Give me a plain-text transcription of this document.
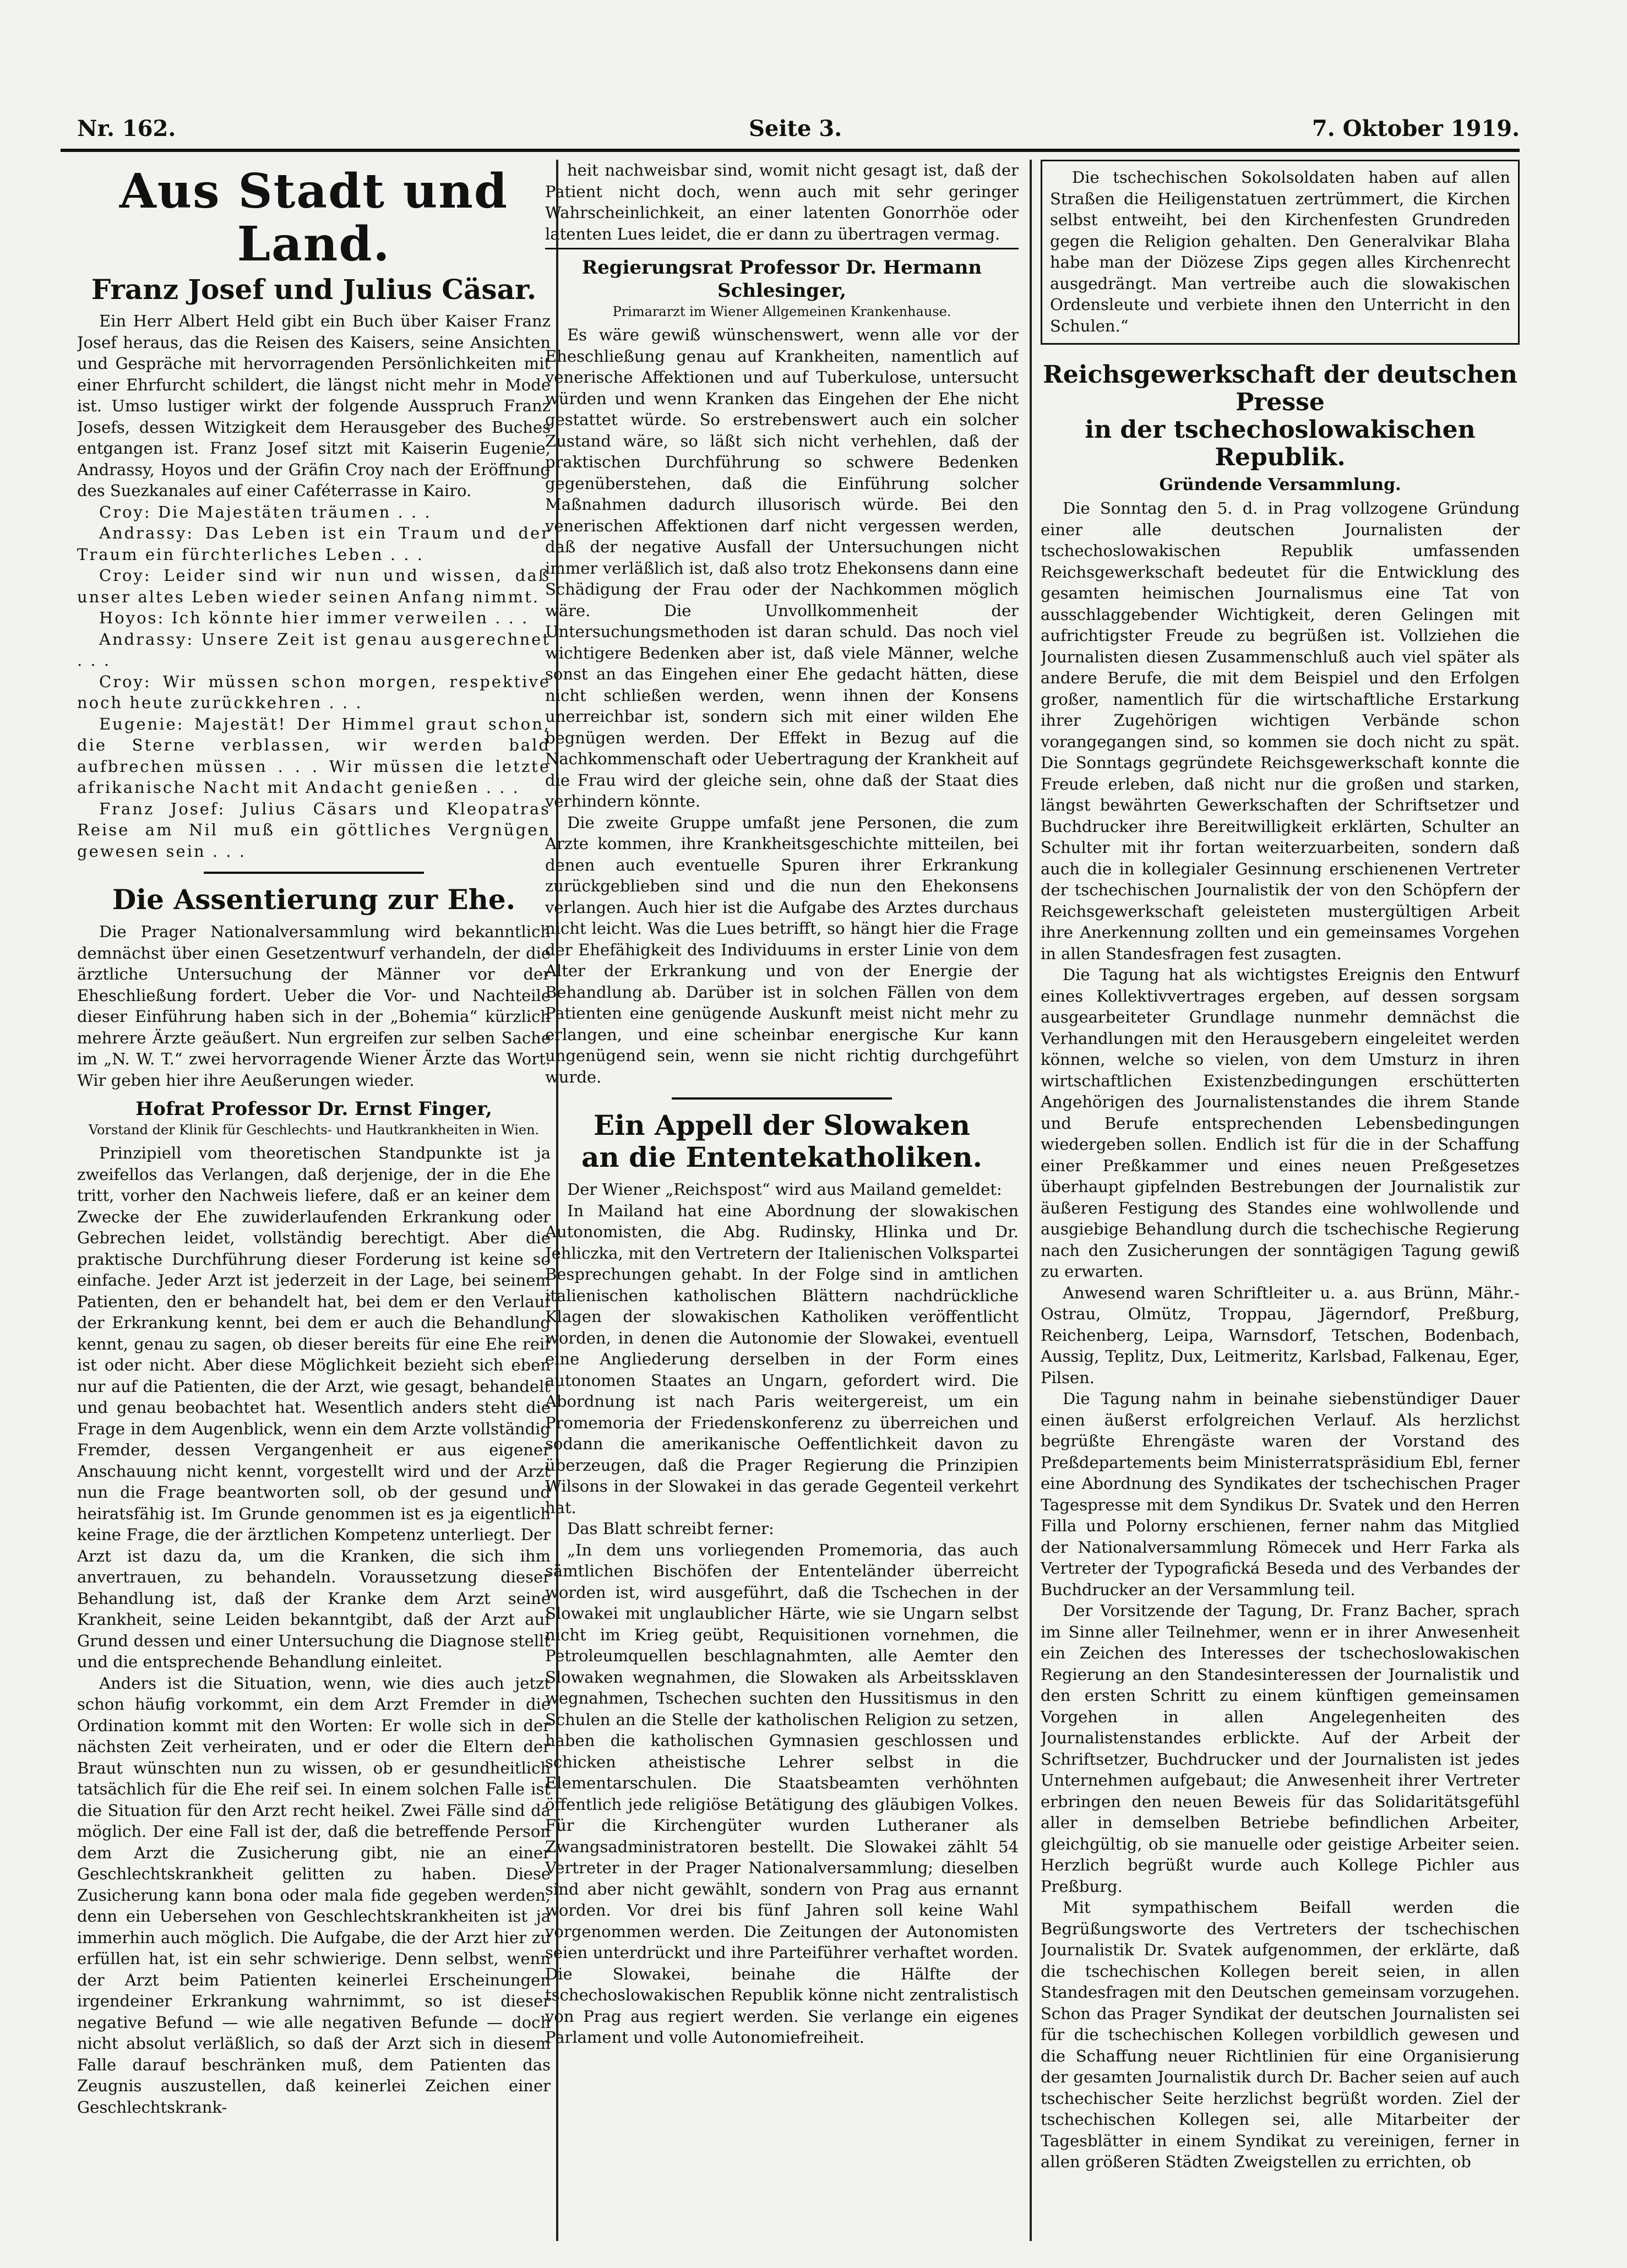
Nr. 162.	Seite 3.	7. Oktober 1919.
Aus Stadt und Land.
Franz Josef und Julius Cäsar.

Ein Herr Albert Held gibt ein Buch über Kaiser Franz Josef heraus, das die Reisen des Kaisers, seine Ansichten und Gespräche mit hervorragenden Persönlichkeiten mit einer Ehrfurcht schildert, die längst nicht mehr in Mode ist. Umso lustiger wirkt der folgende Ausspruch Franz Josefs, dessen Witzigkeit dem Herausgeber des Buches entgangen ist. Franz Josef sitzt mit Kaiserin Eugenie, Andrassy, Hoyos und der Gräfin Croy nach der Eröffnung des Suezkanales auf einer Caféterrasse in Kairo.

Croy: Die Majestäten träumen . . .

Andrassy: Das Leben ist ein Traum und der Traum ein fürchterliches Leben . . .

Croy: Leider sind wir nun und wissen, daß unser altes Leben wieder seinen Anfang nimmt.

Hoyos: Ich könnte hier immer verweilen . . .

Andrassy: Unsere Zeit ist genau ausgerechnet . . .

Croy: Wir müssen schon morgen, respektive noch heute zurückkehren . . .

Eugenie: Majestät! Der Himmel graut schon, die Sterne verblassen, wir werden bald aufbrechen müssen . . . Wir müssen die letzte afrikanische Nacht mit Andacht genießen . . .

Franz Josef: Julius Cäsars und Kleopatras Reise am Nil muß ein göttliches Vergnügen gewesen sein . . .

Die Assentierung zur Ehe.

Die Prager Nationalversammlung wird bekanntlich demnächst über einen Gesetzentwurf verhandeln, der die ärztliche Untersuchung der Männer vor der Eheschließung fordert. Ueber die Vor- und Nachteile dieser Einführung haben sich in der „Bohemia“ kürzlich mehrere Ärzte geäußert. Nun ergreifen zur selben Sache im „N. W. T.“ zwei hervorragende Wiener Ärzte das Wort. Wir geben hier ihre Aeußerungen wieder.

Hofrat Professor Dr. Ernst Finger,
Vorstand der Klinik für Geschlechts- und Hautkrankheiten in Wien.

Prinzipiell vom theoretischen Standpunkte ist ja zweifellos das Verlangen, daß derjenige, der in die Ehe tritt, vorher den Nachweis liefere, daß er an keiner dem Zwecke der Ehe zuwiderlaufenden Erkrankung oder Gebrechen leidet, vollständig berechtigt. Aber die praktische Durchführung dieser Forderung ist keine so einfache. Jeder Arzt ist jederzeit in der Lage, bei seinem Patienten, den er behandelt hat, bei dem er den Verlauf der Erkrankung kennt, bei dem er auch die Behandlung kennt, genau zu sagen, ob dieser bereits für eine Ehe reif ist oder nicht. Aber diese Möglichkeit bezieht sich eben nur auf die Patienten, die der Arzt, wie gesagt, behandelt und genau beobachtet hat. Wesentlich anders steht die Frage in dem Augenblick, wenn ein dem Arzte vollständig Fremder, dessen Vergangenheit er aus eigener Anschauung nicht kennt, vorgestellt wird und der Arzt nun die Frage beantworten soll, ob der gesund und heiratsfähig ist. Im Grunde genommen ist es ja eigentlich keine Frage, die der ärztlichen Kompetenz unterliegt. Der Arzt ist dazu da, um die Kranken, die sich ihm anvertrauen, zu behandeln. Voraussetzung dieser Behandlung ist, daß der Kranke dem Arzt seine Krankheit, seine Leiden bekanntgibt, daß der Arzt auf Grund dessen und einer Untersuchung die Diagnose stellt und die entsprechende Behandlung einleitet.

Anders ist die Situation, wenn, wie dies auch jetzt schon häufig vorkommt, ein dem Arzt Fremder in die Ordination kommt mit den Worten: Er wolle sich in der nächsten Zeit verheiraten, und er oder die Eltern der Braut wünschten nun zu wissen, ob er gesundheitlich tatsächlich für die Ehe reif sei. In einem solchen Falle ist die Situation für den Arzt recht heikel. Zwei Fälle sind da möglich. Der eine Fall ist der, daß die betreffende Person dem Arzt die Zusicherung gibt, nie an einer Geschlechtskrankheit gelitten zu haben. Diese Zusicherung kann bona oder mala fide gegeben werden, denn ein Uebersehen von Geschlechtskrankheiten ist ja immerhin auch möglich. Die Aufgabe, die der Arzt hier zu erfüllen hat, ist ein sehr schwierige. Denn selbst, wenn der Arzt beim Patienten keinerlei Erscheinungen irgendeiner Erkrankung wahrnimmt, so ist dieser negative Befund — wie alle negativen Befunde — doch nicht absolut verläßlich, so daß der Arzt sich in diesem Falle darauf beschränken muß, dem Patienten das Zeugnis auszustellen, daß keinerlei Zeichen einer Geschlechtskrank-

heit nachweisbar sind, womit nicht gesagt ist, daß der Patient nicht doch, wenn auch mit sehr geringer Wahrscheinlichkeit, an einer latenten Gonorrhöe oder latenten Lues leidet, die er dann zu übertragen vermag.

Regierungsrat Professor Dr. Hermann Schlesinger,
Primararzt im Wiener Allgemeinen Krankenhause.

Es wäre gewiß wünschenswert, wenn alle vor der Eheschließung genau auf Krankheiten, namentlich auf venerische Affektionen und auf Tuberkulose, untersucht würden und wenn Kranken das Eingehen der Ehe nicht gestattet würde. So erstrebenswert auch ein solcher Zustand wäre, so läßt sich nicht verhehlen, daß der praktischen Durchführung so schwere Bedenken gegenüberstehen, daß die Einführung solcher Maßnahmen dadurch illusorisch würde. Bei den venerischen Affektionen darf nicht vergessen werden, daß der negative Ausfall der Untersuchungen nicht immer verläßlich ist, daß also trotz Ehekonsens dann eine Schädigung der Frau oder der Nachkommen möglich wäre. Die Unvollkommenheit der Untersuchungsmethoden ist daran schuld. Das noch viel wichtigere Bedenken aber ist, daß viele Männer, welche sonst an das Eingehen einer Ehe gedacht hätten, diese nicht schließen werden, wenn ihnen der Konsens unerreichbar ist, sondern sich mit einer wilden Ehe begnügen werden. Der Effekt in Bezug auf die Nachkommenschaft oder Uebertragung der Krankheit auf die Frau wird der gleiche sein, ohne daß der Staat dies verhindern könnte.

Die zweite Gruppe umfaßt jene Personen, die zum Arzte kommen, ihre Krankheitsgeschichte mitteilen, bei denen auch eventuelle Spuren ihrer Erkrankung zurückgeblieben sind und die nun den Ehekonsens verlangen. Auch hier ist die Aufgabe des Arztes durchaus nicht leicht. Was die Lues betrifft, so hängt hier die Frage der Ehefähigkeit des Individuums in erster Linie von dem Alter der Erkrankung und von der Energie der Behandlung ab. Darüber ist in solchen Fällen von dem Patienten eine genügende Auskunft meist nicht mehr zu erlangen, und eine scheinbar energische Kur kann ungenügend sein, wenn sie nicht richtig durchgeführt wurde.

Ein Appell der Slowaken
an die Ententekatholiken.

Der Wiener „Reichspost“ wird aus Mailand gemeldet:

In Mailand hat eine Abordnung der slowakischen Autonomisten, die Abg. Rudinsky, Hlinka und Dr. Jehliczka, mit den Vertretern der Italienischen Volkspartei Besprechungen gehabt. In der Folge sind in amtlichen italienischen katholischen Blättern nachdrückliche Klagen der slowakischen Katholiken veröffentlicht worden, in denen die Autonomie der Slowakei, eventuell eine Angliederung derselben in der Form eines autonomen Staates an Ungarn, gefordert wird. Die Abordnung ist nach Paris weitergereist, um ein Promemoria der Friedenskonferenz zu überreichen und sodann die amerikanische Oeffentlichkeit davon zu überzeugen, daß die Prager Regierung die Prinzipien Wilsons in der Slowakei in das gerade Gegenteil verkehrt hat.

Das Blatt schreibt ferner:

„In dem uns vorliegenden Promemoria, das auch sämtlichen Bischöfen der Ententeländer überreicht worden ist, wird ausgeführt, daß die Tschechen in der Slowakei mit unglaublicher Härte, wie sie Ungarn selbst nicht im Krieg geübt, Requisitionen vornehmen, die Petroleumquellen beschlagnahmten, alle Aemter den Slowaken wegnahmen, die Slowaken als Arbeitssklaven wegnahmen, Tschechen suchten den Hussitismus in den Schulen an die Stelle der katholischen Religion zu setzen, haben die katholischen Gymnasien geschlossen und schicken atheistische Lehrer selbst in die Elementarschulen. Die Staatsbeamten verhöhnten öffentlich jede religiöse Betätigung des gläubigen Volkes. Für die Kirchengüter wurden Lutheraner als Zwangsadministratoren bestellt. Die Slowakei zählt 54 Vertreter in der Prager Nationalversammlung; dieselben sind aber nicht gewählt, sondern von Prag aus ernannt worden. Vor drei bis fünf Jahren soll keine Wahl vorgenommen werden. Die Zeitungen der Autonomisten seien unterdrückt und ihre Parteiführer verhaftet worden. Die Slowakei, beinahe die Hälfte der tschechoslowakischen Republik könne nicht zentralistisch von Prag aus regiert werden. Sie verlange ein eigenes Parlament und volle Autonomiefreiheit.

Die tschechischen Sokolsoldaten haben auf allen Straßen die Heiligenstatuen zertrümmert, die Kirchen selbst entweiht, bei den Kirchenfesten Grundreden gegen die Religion gehalten. Den Generalvikar Blaha habe man der Diözese Zips gegen alles Kirchenrecht ausgedrängt. Man vertreibe auch die slowakischen Ordensleute und verbiete ihnen den Unterricht in den Schulen.“

Reichsgewerkschaft der deutschen Presse
in der tschechoslowakischen Republik.
Gründende Versammlung.

Die Sonntag den 5. d. in Prag vollzogene Gründung einer alle deutschen Journalisten der tschechoslowakischen Republik umfassenden Reichsgewerkschaft bedeutet für die Entwicklung des gesamten heimischen Journalismus eine Tat von ausschlaggebender Wichtigkeit, deren Gelingen mit aufrichtigster Freude zu begrüßen ist. Vollziehen die Journalisten diesen Zusammenschluß auch viel später als andere Berufe, die mit dem Beispiel und den Erfolgen großer, namentlich für die wirtschaftliche Erstarkung ihrer Zugehörigen wichtigen Verbände schon vorangegangen sind, so kommen sie doch nicht zu spät. Die Sonntags gegründete Reichsgewerkschaft konnte die Freude erleben, daß nicht nur die großen und starken, längst bewährten Gewerkschaften der Schriftsetzer und Buchdrucker ihre Bereitwilligkeit erklärten, Schulter an Schulter mit ihr fortan weiterzuarbeiten, sondern daß auch die in kollegialer Gesinnung erschienenen Vertreter der tschechischen Journalistik der von den Schöpfern der Reichsgewerkschaft geleisteten mustergültigen Arbeit ihre Anerkennung zollten und ein gemeinsames Vorgehen in allen Standesfragen fest zusagten.

Die Tagung hat als wichtigstes Ereignis den Entwurf eines Kollektivvertrages ergeben, auf dessen sorgsam ausgearbeiteter Grundlage nunmehr demnächst die Verhandlungen mit den Herausgebern eingeleitet werden können, welche so vielen, von dem Umsturz in ihren wirtschaftlichen Existenzbedingungen erschütterten Angehörigen des Journalistenstandes die ihrem Stande und Berufe entsprechenden Lebensbedingungen wiedergeben sollen. Endlich ist für die in der Schaffung einer Preßkammer und eines neuen Preßgesetzes überhaupt gipfelnden Bestrebungen der Journalistik zur äußeren Festigung des Standes eine wohlwollende und ausgiebige Behandlung durch die tschechische Regierung nach den Zusicherungen der sonntägigen Tagung gewiß zu erwarten.

Anwesend waren Schriftleiter u. a. aus Brünn, Mähr.-Ostrau, Olmütz, Troppau, Jägerndorf, Preßburg, Reichenberg, Leipa, Warnsdorf, Tetschen, Bodenbach, Aussig, Teplitz, Dux, Leitmeritz, Karlsbad, Falkenau, Eger, Pilsen.

Die Tagung nahm in beinahe siebenstündiger Dauer einen äußerst erfolgreichen Verlauf. Als herzlichst begrüßte Ehrengäste waren der Vorstand des Preßdepartements beim Ministerratspräsidium Ebl, ferner eine Abordnung des Syndikates der tschechischen Prager Tagespresse mit dem Syndikus Dr. Svatek und den Herren Filla und Polorny erschienen, ferner nahm das Mitglied der Nationalversammlung Römecek und Herr Farka als Vertreter der Typografická Beseda und des Verbandes der Buchdrucker an der Versammlung teil.

Der Vorsitzende der Tagung, Dr. Franz Bacher, sprach im Sinne aller Teilnehmer, wenn er in ihrer Anwesenheit ein Zeichen des Interesses der tschechoslowakischen Regierung an den Standesinteressen der Journalistik und den ersten Schritt zu einem künftigen gemeinsamen Vorgehen in allen Angelegenheiten des Journalistenstandes erblickte. Auf der Arbeit der Schriftsetzer, Buchdrucker und der Journalisten ist jedes Unternehmen aufgebaut; die Anwesenheit ihrer Vertreter erbringen den neuen Beweis für das Solidaritätsgefühl aller in demselben Betriebe befindlichen Arbeiter, gleichgültig, ob sie manuelle oder geistige Arbeiter seien. Herzlich begrüßt wurde auch Kollege Pichler aus Preßburg.

Mit sympathischem Beifall werden die Begrüßungsworte des Vertreters der tschechischen Journalistik Dr. Svatek aufgenommen, der erklärte, daß die tschechischen Kollegen bereit seien, in allen Standesfragen mit den Deutschen gemeinsam vorzugehen. Schon das Prager Syndikat der deutschen Journalisten sei für die tschechischen Kollegen vorbildlich gewesen und die Schaffung neuer Richtlinien für eine Organisierung der gesamten Journalistik durch Dr. Bacher seien auf auch tschechischer Seite herzlichst begrüßt worden. Ziel der tschechischen Kollegen sei, alle Mitarbeiter der Tagesblätter in einem Syndikat zu vereinigen, ferner in allen größeren Städten Zweigstellen zu errichten, ob
